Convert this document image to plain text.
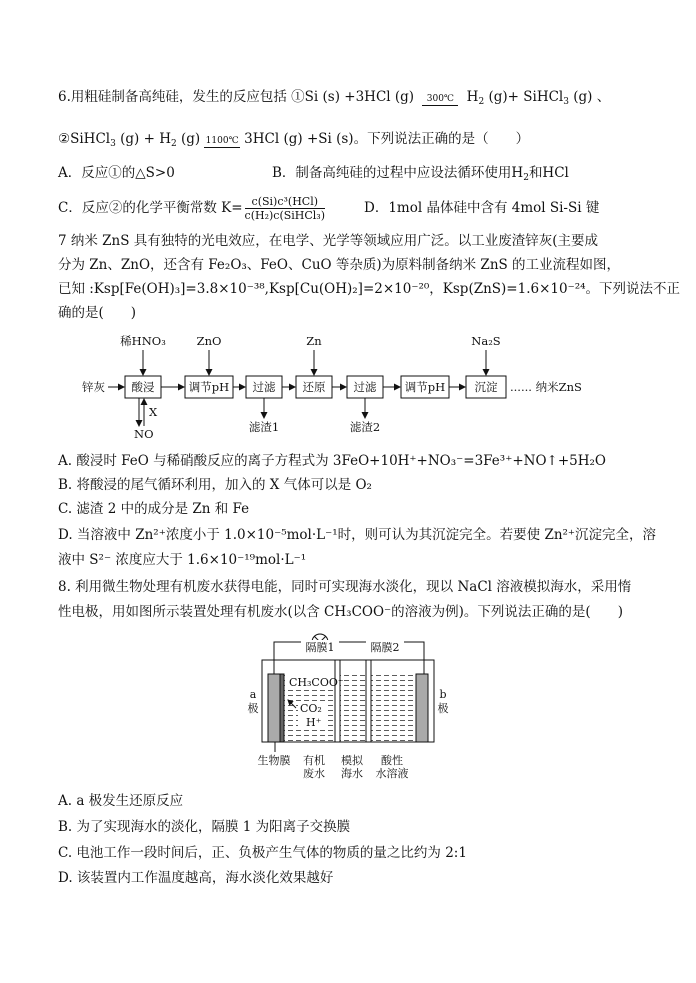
6.用粗硅制备高纯硅，发生的反应包括 ①Si (s) +3HCl (g) 300℃ $H_2$ (g)+ SiHCl$_3$ (g) 、
②SiHCl$_3$ $(g) + H_2$ (g) 1100℃ 3HCl (g) +Si (s)。下列说法正确的是（　　）
A．反应①的△S>0	B．制备高纯硅的过程中应设法循环使用$H_2$和HCl
C．反应②的化学平衡常数 $K= \frac{\text{c(Si)c³(HCl)}}{\text{c(H₂)c(SiHCl₃)}}$	D．1mol 晶体硅中含有 4mol Si-Si 键
7 纳米 ZnS 具有独特的光电效应，在电学、光学等领域应用广泛。以工业废渣锌灰(主要成
分为 Zn、ZnO，还含有 Fe₂O₃、FeO、CuO 等杂质)为原料制备纳米 ZnS 的工业流程如图，
已知 :Ksp[Fe(OH)₃]=3.8×10⁻³⁸,Ksp[Cu(OH)₂]=2×10⁻²⁰，Ksp(ZnS)=1.6×10⁻²⁴。下列说法不正
确的是(　　)
锌灰 酸浸	调节pH 过滤 还原 过滤 调节pH	沉淀
稀HNO₃	ZnO	Zn	Na₂S
滤渣1	滤渣2
X
NO
...... 纳米ZnS
A. 酸浸时 FeO 与稀硝酸反应的离子方程式为 3FeO+10H⁺+NO₃⁻=3Fe³⁺+NO↑+5H₂O
B. 将酸浸的尾气循环利用，加入的 X 气体可以是 O₂
C. 滤渣 2 中的成分是 Zn 和 Fe
D. 当溶液中 Zn²⁺浓度小于 1.0×10⁻⁵mol·L⁻¹时，则可认为其沉淀完全。若要使 Zn²⁺沉淀完全，溶
液中 S²⁻ 浓度应大于 1.6×10⁻¹⁹mol·L⁻¹
8. 利用微生物处理有机废水获得电能，同时可实现海水淡化，现以 NaCl 溶液模拟海水，采用惰
性电极，用如图所示装置处理有机废水(以含 CH₃COO⁻的溶液为例)。下列说法正确的是(　　)
隔膜1	隔膜2
a
极
b
极
CH₃COO⁻
CO₂
H⁺
生物膜 有机
废水
模拟
海水
酸性
水溶液
A. a 极发生还原反应
B. 为了实现海水的淡化，隔膜 1 为阳离子交换膜
C. 电池工作一段时间后，正、负极产生气体的物质的量之比约为 2:1
D. 该装置内工作温度越高，海水淡化效果越好
